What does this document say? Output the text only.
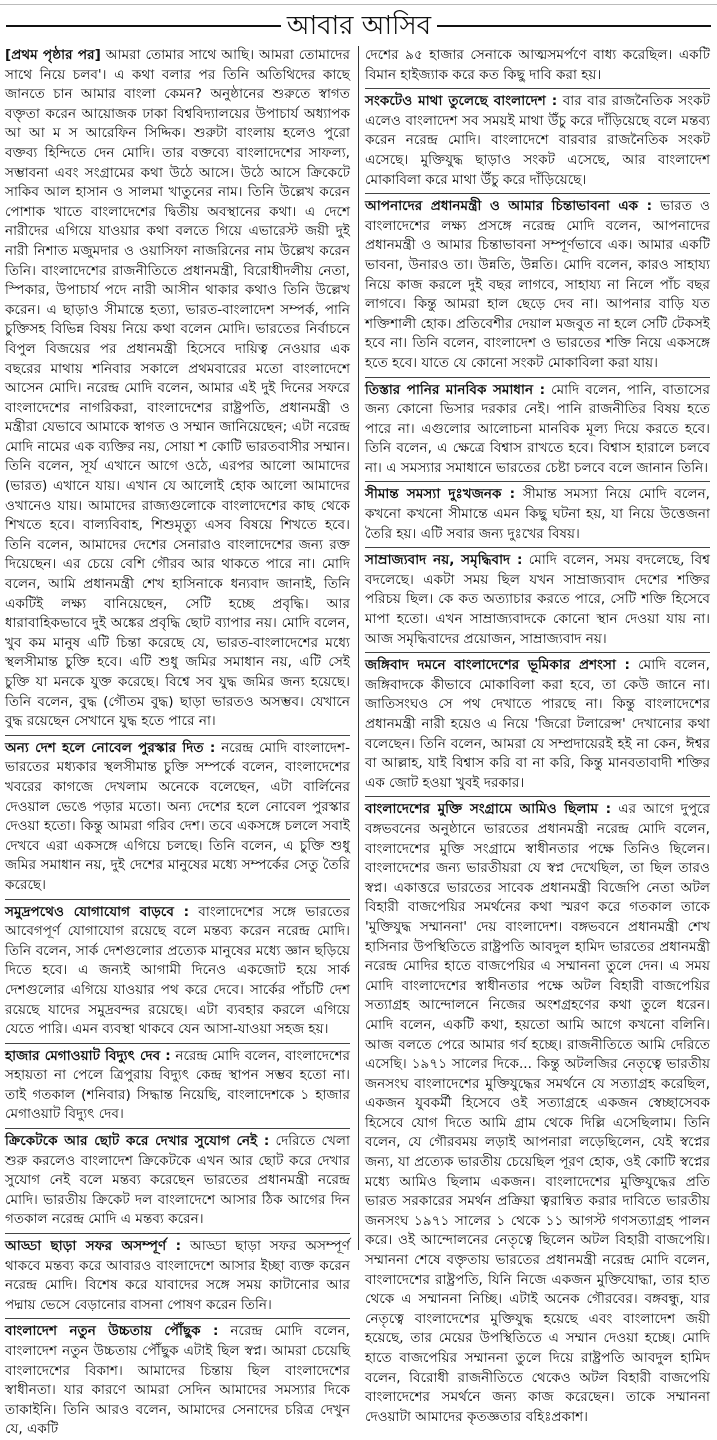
আবার আসিব

[প্রথম পৃষ্ঠার পর] আমরা তোমার সাথে আছি। আমরা তোমাদের সাথে নিয়ে চলব'। এ কথা বলার পর তিনি অতিথিদের কাছে জানতে চান আমার বাংলা কেমন? অনুষ্ঠানের শুরুতে স্বাগত বক্তৃতা করেন আয়োজক ঢাকা বিশ্ববিদ্যালয়ের উপাচার্য অধ্যাপক আ আ ম স আরেফিন সিদ্দিক। শুরুটা বাংলায় হলেও পুরো বক্তব্য হিন্দিতে দেন মোদি। তার বক্তব্যে বাংলাদেশের সাফল্য, সম্ভাবনা এবং সংগ্রামের কথা উঠে আসে। উঠে আসে ক্রিকেটে সাকিব আল হাসান ও সালমা খাতুনের নাম। তিনি উল্লেখ করেন পোশাক খাতে বাংলাদেশের দ্বিতীয় অবস্থানের কথা। এ দেশে নারীদের এগিয়ে যাওয়ার কথা বলতে গিয়ে এভারেস্ট জয়ী দুই নারী নিশাত মজুমদার ও ওয়াসিফা নাজরিনের নাম উল্লেখ করেন তিনি। বাংলাদেশের রাজনীতিতে প্রধানমন্ত্রী, বিরোধীদলীয় নেতা, স্পিকার, উপাচার্য পদে নারী আসীন থাকার কথাও তিনি উল্লেখ করেন। এ ছাড়াও সীমান্তে হত্যা, ভারত-বাংলাদেশ সম্পর্ক, পানি চুক্তিসহ বিভিন্ন বিষয় নিয়ে কথা বলেন মোদি। ভারতের নির্বাচনে বিপুল বিজয়ের পর প্রধানমন্ত্রী হিসেবে দায়িত্ব নেওয়ার এক বছরের মাথায় শনিবার সকালে প্রথমবারের মতো বাংলাদেশে আসেন মোদি। নরেন্দ্র মোদি বলেন, আমার এই দুই দিনের সফরে বাংলাদেশের নাগরিকরা, বাংলাদেশের রাষ্ট্রপতি, প্রধানমন্ত্রী ও মন্ত্রীরা যেভাবে আমাকে স্বাগত ও সম্মান জানিয়েছেন; এটা নরেন্দ্র মোদি নামের এক ব্যক্তির নয়, সোয়া শ কোটি ভারতবাসীর সম্মান। তিনি বলেন, সূর্য এখানে আগে ওঠে, এরপর আলো আমাদের (ভারত) এখানে যায়। এখান যে আলোই হোক আলো আমাদের ওখানেও যায়। আমাদের রাজ্যগুলোকে বাংলাদেশের কাছ থেকে শিখতে হবে। বাল্যবিবাহ, শিশুমৃত্যু এসব বিষয়ে শিখতে হবে। তিনি বলেন, আমাদের দেশের সেনারাও বাংলাদেশের জন্য রক্ত দিয়েছেন। এর চেয়ে বেশি গৌরব আর থাকতে পারে না। মোদি বলেন, আমি প্রধানমন্ত্রী শেখ হাসিনাকে ধন্যবাদ জানাই, তিনি একটিই লক্ষ্য বানিয়েছেন, সেটি হচ্ছে প্রবৃদ্ধি। আর ধারাবাহিকভাবে দুই অঙ্কের প্রবৃদ্ধি ছোট ব্যাপার নয়। মোদি বলেন, খুব কম মানুষ এটি চিন্তা করেছে যে, ভারত-বাংলাদেশের মধ্যে স্থলসীমান্ত চুক্তি হবে। এটি শুধু জমির সমাধান নয়, এটি সেই চুক্তি যা মনকে যুক্ত করেছে। বিশ্বে সব যুদ্ধ জমির জন্য হয়েছে। তিনি বলেন, বুদ্ধ (গৌতম বুদ্ধ) ছাড়া ভারতও অসম্ভব। যেখানে বুদ্ধ রয়েছেন সেখানে যুদ্ধ হতে পারে না।

অন্য দেশ হলে নোবেল পুরস্কার দিত : নরেন্দ্র মোদি বাংলাদেশ-ভারতের মধ্যকার স্থলসীমান্ত চুক্তি সম্পর্কে বলেন, বাংলাদেশের খবরের কাগজে দেখলাম অনেকে বলেছেন, এটা বার্লিনের দেওয়াল ভেঙে পড়ার মতো। অন্য দেশের হলে নোবেল পুরস্কার দেওয়া হতো। কিন্তু আমরা গরিব দেশ। তবে একসঙ্গে চললে সবাই দেখবে এরা একসঙ্গে এগিয়ে চলছে। তিনি বলেন, এ চুক্তি শুধু জমির সমাধান নয়, দুই দেশের মানুষের মধ্যে সম্পর্কের সেতু তৈরি করেছে।

সমুদ্রপথেও যোগাযোগ বাড়বে : বাংলাদেশের সঙ্গে ভারতের আবেগপূর্ণ যোগাযোগ রয়েছে বলে মন্তব্য করেন নরেন্দ্র মোদি। তিনি বলেন, সার্ক দেশগুলোর প্রত্যেক মানুষের মধ্যে জ্ঞান ছড়িয়ে দিতে হবে। এ জন্যই আগামী দিনেও একজোট হয়ে সার্ক দেশগুলোর এগিয়ে যাওয়ার পথ করে দেবে। সার্কের পাঁচটি দেশ রয়েছে যাদের সমুদ্রবন্দর রয়েছে। এটা ব্যবহার করলে এগিয়ে যেতে পারি। এমন ব্যবস্থা থাকবে যেন আসা-যাওয়া সহজ হয়।

হাজার মেগাওয়াট বিদ্যুৎ দেব : নরেন্দ্র মোদি বলেন, বাংলাদেশের সহায়তা না পেলে ত্রিপুরায় বিদ্যুৎ কেন্দ্র স্থাপন সম্ভব হতো না। তাই গতকাল (শনিবার) সিদ্ধান্ত নিয়েছি, বাংলাদেশকে ১ হাজার মেগাওয়াট বিদ্যুৎ দেব।

ক্রিকেটকে আর ছোট করে দেখার সুযোগ নেই : দেরিতে খেলা শুরু করলেও বাংলাদেশ ক্রিকেটকে এখন আর ছোট করে দেখার সুযোগ নেই বলে মন্তব্য করেছেন ভারতের প্রধানমন্ত্রী নরেন্দ্র মোদি। ভারতীয় ক্রিকেট দল বাংলাদেশে আসার ঠিক আগের দিন গতকাল নরেন্দ্র মোদি এ মন্তব্য করেন।

আড্ডা ছাড়া সফর অসম্পূর্ণ : আড্ডা ছাড়া সফর অসম্পূর্ণ থাকবে মন্তব্য করে আবারও বাংলাদেশে আসার ইচ্ছা ব্যক্ত করেন নরেন্দ্র মোদি। বিশেষ করে যাবাদের সঙ্গে সময় কাটানোর আর পদ্মায় ভেসে বেড়ানোর বাসনা পোষণ করেন তিনি।

বাংলাদেশ নতুন উচ্চতায় পৌঁছুক : নরেন্দ্র মোদি বলেন, বাংলাদেশ নতুন উচ্চতায় পৌঁছুক এটাই ছিল স্বপ্ন। আমরা চেয়েছি বাংলাদেশের বিকাশ। আমাদের চিন্তায় ছিল বাংলাদেশের স্বাধীনতা। যার কারণে আমরা সেদিন আমাদের সমস্যার দিকে তাকাইনি। তিনি আরও বলেন, আমাদের সেনাদের চরিত্র দেখুন যে, একটি

দেশের ৯৫ হাজার সেনাকে আত্মসমর্পণে বাধ্য করেছিল। একটি বিমান হাইজ্যাক করে কত কিছু দাবি করা হয়।

সংকটেও মাথা তুলেছে বাংলাদেশ : বার বার রাজনৈতিক সংকট এলেও বাংলাদেশ সব সময়ই মাথা উঁচু করে দাঁড়িয়েছে বলে মন্তব্য করেন নরেন্দ্র মোদি। বাংলাদেশে বারবার রাজনৈতিক সংকট এসেছে। মুক্তিযুদ্ধ ছাড়াও সংকট এসেছে, আর বাংলাদেশ মোকাবিলা করে মাথা উঁচু করে দাঁড়িয়েছে।

আপনাদের প্রধানমন্ত্রী ও আমার চিন্তাভাবনা এক : ভারত ও বাংলাদেশের লক্ষ্য প্রসঙ্গে নরেন্দ্র মোদি বলেন, আপনাদের প্রধানমন্ত্রী ও আমার চিন্তাভাবনা সম্পূর্ণভাবে এক। আমার একটি ভাবনা, উনারও তা। উন্নতি, উন্নতি। মোদি বলেন, কারও সাহায্য নিয়ে কাজ করলে দুই বছর লাগবে, সাহায্য না নিলে পাঁচ বছর লাগবে। কিন্তু আমরা হাল ছেড়ে দেব না। আপনার বাড়ি যত শক্তিশালী হোক। প্রতিবেশীর দেয়াল মজবুত না হলে সেটি টেকসই হবে না। তিনি বলেন, বাংলাদেশ ও ভারতের শক্তি নিয়ে একসঙ্গে হতে হবে। যাতে যে কোনো সংকট মোকাবিলা করা যায়।

তিস্তার পানির মানবিক সমাধান : মোদি বলেন, পানি, বাতাসের জন্য কোনো ভিসার দরকার নেই। পানি রাজনীতির বিষয় হতে পারে না। এগুলোর আলোচনা মানবিক মূল্য দিয়ে করতে হবে। তিনি বলেন, এ ক্ষেত্রে বিশ্বাস রাখতে হবে। বিশ্বাস হারালে চলবে না। এ সমস্যার সমাধানে ভারতের চেষ্টা চলবে বলে জানান তিনি।

সীমান্ত সমস্যা দুঃখজনক : সীমান্ত সমস্যা নিয়ে মোদি বলেন, কখনো কখনো সীমান্তে এমন কিছু ঘটনা হয়, যা নিয়ে উত্তেজনা তৈরি হয়। এটি সবার জন্য দুঃখের বিষয়।

সাম্রাজ্যবাদ নয়, সমৃদ্ধিবাদ : মোদি বলেন, সময় বদলেছে, বিশ্ব বদলেছে। একটা সময় ছিল যখন সাম্রাজ্যবাদ দেশের শক্তির পরিচয় ছিল। কে কত অত্যাচার করতে পারে, সেটি শক্তি হিসেবে মাপা হতো। এখন সাম্রাজ্যবাদকে কোনো স্থান দেওয়া যায় না। আজ সমৃদ্ধিবাদের প্রয়োজন, সাম্রাজ্যবাদ নয়।

জঙ্গিবাদ দমনে বাংলাদেশের ভূমিকার প্রশংসা : মোদি বলেন, জঙ্গিবাদকে কীভাবে মোকাবিলা করা হবে, তা কেউ জানে না। জাতিসংঘও সে পথ দেখাতে পারছে না। কিন্তু বাংলাদেশের প্রধানমন্ত্রী নারী হয়েও এ নিয়ে 'জিরো টলারেন্স' দেখানোর কথা বলেছেন। তিনি বলেন, আমরা যে সম্প্রদায়েরই হই না কেন, ঈশ্বর বা আল্লাহ, যাই বিশ্বাস করি বা না করি, কিন্তু মানবতাবাদী শক্তির এক জোট হওয়া খুবই দরকার।

বাংলাদেশের মুক্তি সংগ্রামে আমিও ছিলাম : এর আগে দুপুরে বঙ্গভবনের অনুষ্ঠানে ভারতের প্রধানমন্ত্রী নরেন্দ্র মোদি বলেন, বাংলাদেশের মুক্তি সংগ্রামে স্বাধীনতার পক্ষে তিনিও ছিলেন। বাংলাদেশের জন্য ভারতীয়রা যে স্বপ্ন দেখেছিল, তা ছিল তারও স্বপ্ন। একাত্তরে ভারতের সাবেক প্রধানমন্ত্রী বিজেপি নেতা অটল বিহারী বাজপেয়ির সমর্থনের কথা স্মরণ করে গতকাল তাকে 'মুক্তিযুদ্ধ সম্মাননা' দেয় বাংলাদেশ। বঙ্গভবনে প্রধানমন্ত্রী শেখ হাসিনার উপস্থিতিতে রাষ্ট্রপতি আবদুল হামিদ ভারতের প্রধানমন্ত্রী নরেন্দ্র মোদির হাতে বাজপেয়ির এ সম্মাননা তুলে দেন। এ সময় মোদি বাংলাদেশের স্বাধীনতার পক্ষে অটল বিহারী বাজপেয়ির সত্যাগ্রহ আন্দোলনে নিজের অংশগ্রহণের কথা তুলে ধরেন। মোদি বলেন, একটি কথা, হয়তো আমি আগে কখনো বলিনি। আজ বলতে পেরে আমার গর্ব হচ্ছে। রাজনীতিতে আমি দেরিতে এসেছি। ১৯৭১ সালের দিকে... কিন্তু অটলজির নেতৃত্বে ভারতীয় জনসংঘ বাংলাদেশের মুক্তিযুদ্ধের সমর্থনে যে সত্যাগ্রহ করেছিল, একজন যুবকর্মী হিসেবে ওই সত্যাগ্রহে একজন স্বেচ্ছাসেবক হিসেবে যোগ দিতে আমি গ্রাম থেকে দিল্লি এসেছিলাম। তিনি বলেন, যে গৌরবময় লড়াই আপনারা লড়েছিলেন, যেই স্বপ্নের জন্য, যা প্রত্যেক ভারতীয় চেয়েছিল পূরণ হোক, ওই কোটি স্বপ্নের মধ্যে আমিও ছিলাম একজন। বাংলাদেশের মুক্তিযুদ্ধের প্রতি ভারত সরকারের সমর্থন প্রক্রিয়া ত্বরান্বিত করার দাবিতে ভারতীয় জনসংঘ ১৯৭১ সালের ১ থেকে ১১ আগস্ট গণসত্যাগ্রহ পালন করে। ওই আন্দোলনের নেতৃত্বে ছিলেন অটল বিহারী বাজপেয়ি। সম্মাননা শেষে বক্তৃতায় ভারতের প্রধানমন্ত্রী নরেন্দ্র মোদি বলেন, বাংলাদেশের রাষ্ট্রপতি, যিনি নিজে একজন মুক্তিযোদ্ধা, তার হাত থেকে এ সম্মাননা নিচ্ছি। এটাই অনেক গৌরবের। বঙ্গবন্ধু, যার নেতৃত্বে বাংলাদেশের মুক্তিযুদ্ধ হয়েছে এবং বাংলাদেশ জয়ী হয়েছে, তার মেয়ের উপস্থিতিতে এ সম্মান দেওয়া হচ্ছে। মোদি হাতে বাজপেয়ির সম্মাননা তুলে দিয়ে রাষ্ট্রপতি আবদুল হামিদ বলেন, বিরোধী রাজনীতিতে থেকেও অটল বিহারী বাজপেয়ি বাংলাদেশের সমর্থনে জন্য কাজ করেছেন। তাকে সম্মাননা দেওয়াটা আমাদের কৃতজ্ঞতার বহিঃপ্রকাশ।
